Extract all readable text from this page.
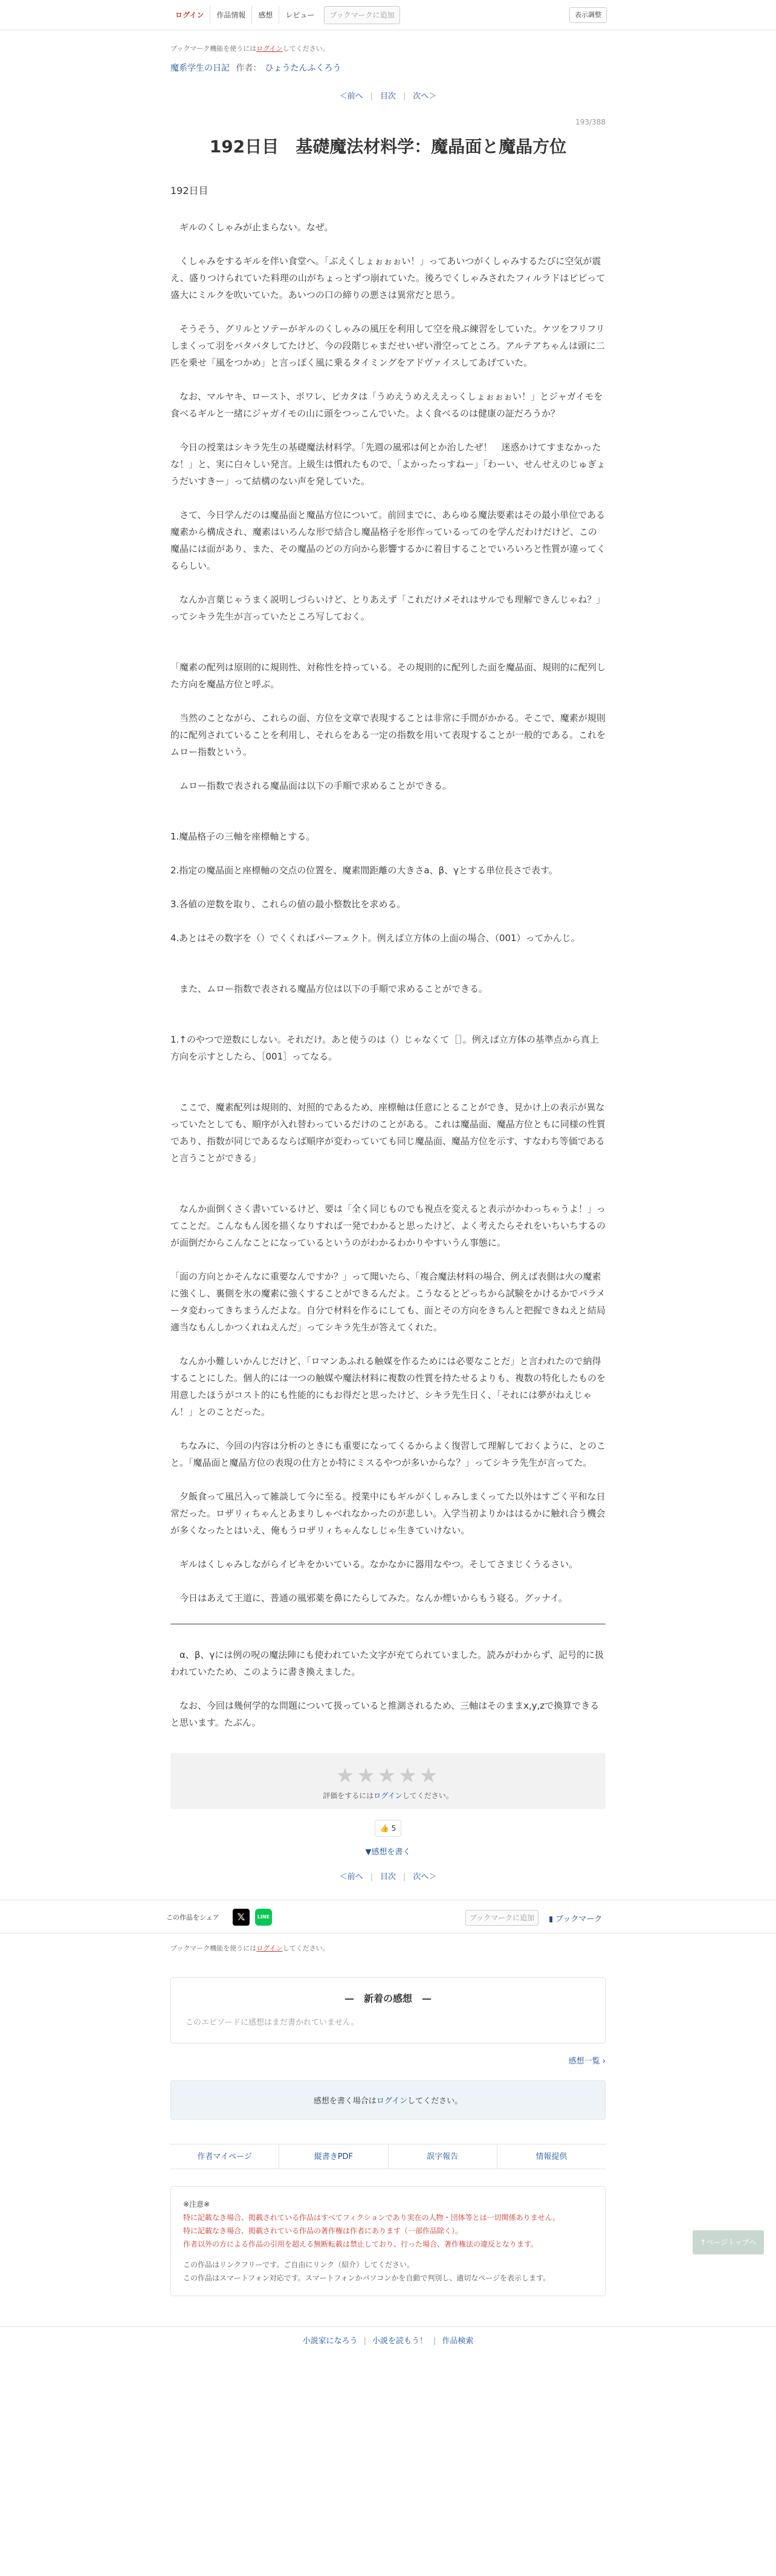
ログイン	作品情報	感想	レビュー	ブックマークに追加	表示調整
ブックマーク機能を使うにはログインしてください。
魔系学生の日記 作者： ひょうたんふくろう
＜前へ | 目次 | 次へ＞
193/388
192日目　基礎魔法材料学：魔晶面と魔晶方位
192日目

　ギルのくしゃみが止まらない。なぜ。

　くしゃみをするギルを伴い食堂へ。「ぶえくしょぉぉぉい！」ってあいつがくしゃみするたびに空気が震え、盛りつけられていた料理の山がちょっとずつ崩れていた。後ろでくしゃみされたフィルラドはピピって盛大にミルクを吹いていた。あいつの口の締りの悪さは異常だと思う。

　そうそう、グリルとソテーがギルのくしゃみの風圧を利用して空を飛ぶ練習をしていた。ケツをフリフリしまくって羽をバタバタしてたけど、今の段階じゃまだせいぜい滑空ってところ。アルテアちゃんは頭に二匹を乗せ「風をつかめ」と言っぽく風に乗るタイミングをアドヴァイスしてあげていた。

　なお、マルヤキ、ロースト、ポワレ、ピカタは「うめえうめえええっくしょぉぉぉい！」とジャガイモを食べるギルと一緒にジャガイモの山に頭をつっこんでいた。よく食べるのは健康の証だろうか？

　今日の授業はシキラ先生の基礎魔法材料学。「先週の風邪は何とか治したぜ！　迷惑かけてすまなかったな！」と、実に白々しい発言。上級生は慣れたもので、「よかったっすねー」「わーい、せんせえのじゅぎょうだいすきー」って結構のない声を発していた。

　さて、今日学んだのは魔晶面と魔晶方位について。前回までに、あらゆる魔法要素はその最小単位である魔素から構成され、魔素はいろんな形で結合し魔晶格子を形作っているってのを学んだわけだけど、この魔晶には面があり、また、その魔晶のどの方向から影響するかに着目することでいろいろと性質が違ってくるらしい。

　なんか言葉じゃうまく説明しづらいけど、とりあえず「これだけメそれはサルでも理解できんじゃね？」ってシキラ先生が言っていたところ写しておく。

「魔素の配列は原則的に規則性、対称性を持っている。その規則的に配列した面を魔晶面、規則的に配列した方向を魔晶方位と呼ぶ。

　当然のことながら、これらの面、方位を文章で表現することは非常に手間がかかる。そこで、魔素が規則的に配列されていることを利用し、それらをある一定の指数を用いて表現することが一般的である。これをムロー指数という。

　ムロー指数で表される魔晶面は以下の手順で求めることができる。

1.魔晶格子の三軸を座標軸とする。

2.指定の魔晶面と座標軸の交点の位置を、魔素間距離の大きさa、β、γとする単位長さで表す。

3.各値の逆数を取り、これらの値の最小整数比を求める。

4.あとはその数字を（）でくくればパーフェクト。例えば立方体の上面の場合、（001）ってかんじ。

　また、ムロー指数で表される魔晶方位は以下の手順で求めることができる。

1.↑のやつで逆数にしない。それだけ。あと使うのは（）じゃなくて［］。例えば立方体の基準点から真上方向を示すとしたら、［001］ってなる。

　ここで、魔素配列は規則的、対照的であるため、座標軸は任意にとることができ、見かけ上の表示が異なっていたとしても、順序が入れ替わっているだけのことがある。これは魔晶面、魔晶方位ともに同様の性質であり、指数が同じであるならば順序が変わっていても同じ魔晶面、魔晶方位を示す、すなわち等価であると言うことができる」

　なんか面倒くさく書いているけど、要は「全く同じものでも視点を変えると表示がかわっちゃうよ！」ってことだ。こんなもん図を描くなりすれば一発でわかると思ったけど、よく考えたらそれをいちいちするのが面倒だからこんなことになっているというのがわかるわかりやすいうん事態に。

「面の方向とかそんなに重要なんですか？」って聞いたら、「複合魔法材料の場合、例えば表側は火の魔素に強くし、裏側を氷の魔素に強くすることができるんだよ。こうなるとどっちから試験をかけるかでパラメータ変わってきちまうんだよな。自分で材料を作るにしても、面とその方向をきちんと把握できねえと結局適当なもんしかつくれねえんだ」ってシキラ先生が答えてくれた。

　なんか小難しいかんじだけど、「ロマンあふれる触媒を作るためには必要なことだ」と言われたので納得することにした。個人的には一つの触媒や魔法材料に複数の性質を持たせるよりも、複数の特化したものを用意したほうがコスト的にも性能的にもお得だと思ったけど、シキラ先生日く、「それには夢がねえじゃん！」とのことだった。

　ちなみに、今回の内容は分析のときにも重要になってくるからよく復習して理解しておくように、とのこと。「魔晶面と魔晶方位の表現の仕方とか特にミスるやつが多いからな？」ってシキラ先生が言ってた。

　夕飯食って風呂入って雑談して今に至る。授業中にもギルがくしゃみしまくってた以外はすごく平和な日常だった。ロザリィちゃんとあまりしゃべれなかったのが悲しい。入学当初よりかははるかに触れ合う機会が多くなったとはいえ、俺もうロザリィちゃんなしじゃ生きていけない。

　ギルはくしゃみしながらイビキをかいている。なかなかに器用なやつ。そしてさまじくうるさい。

　今日はあえて王道に、普通の風邪薬を鼻にたらしてみた。なんか煙いからもう寝る。グッナイ。

　α、β、γには例の呪の魔法陣にも使われていた文字が充てられていました。読みがわからず、記号的に扱われていたため、このように書き換えました。

　なお、今回は幾何学的な問題について扱っていると推測されるため、三軸はそのままx,y,zで換算できると思います。たぶん。

★★★★★
評価をするにはログインしてください。
👍 5
▼感想を書く
＜前へ | 目次 | 次へ＞
この作品をシェア	𝕏	LINE	ブックマークに追加	▮ ブックマーク
ブックマーク機能を使うにはログインしてください。
—　新着の感想　—
このエピソードに感想はまだ書かれていません。
感想一覧 ›
感想を書く場合はログインしてください。
作者マイページ	縦書きPDF	誤字報告	情報提供
※注意※
特に記載なき場合、掲載されている作品はすべてフィクションであり実在の人物・団体等とは一切関係ありません。
特に記載なき場合、掲載されている作品の著作権は作者にあります（一部作品除く）。
作者以外の方による作品の引用を超える無断転載は禁止しており、行った場合、著作権法の違反となります。
この作品はリンクフリーです。ご自由にリンク（紹介）してください。
この作品はスマートフォン対応です。スマートフォンかパソコンかを自動で判別し、適切なページを表示します。
小説家になろう | 小説を読もう！ | 作品検索
↑ページトップへ
